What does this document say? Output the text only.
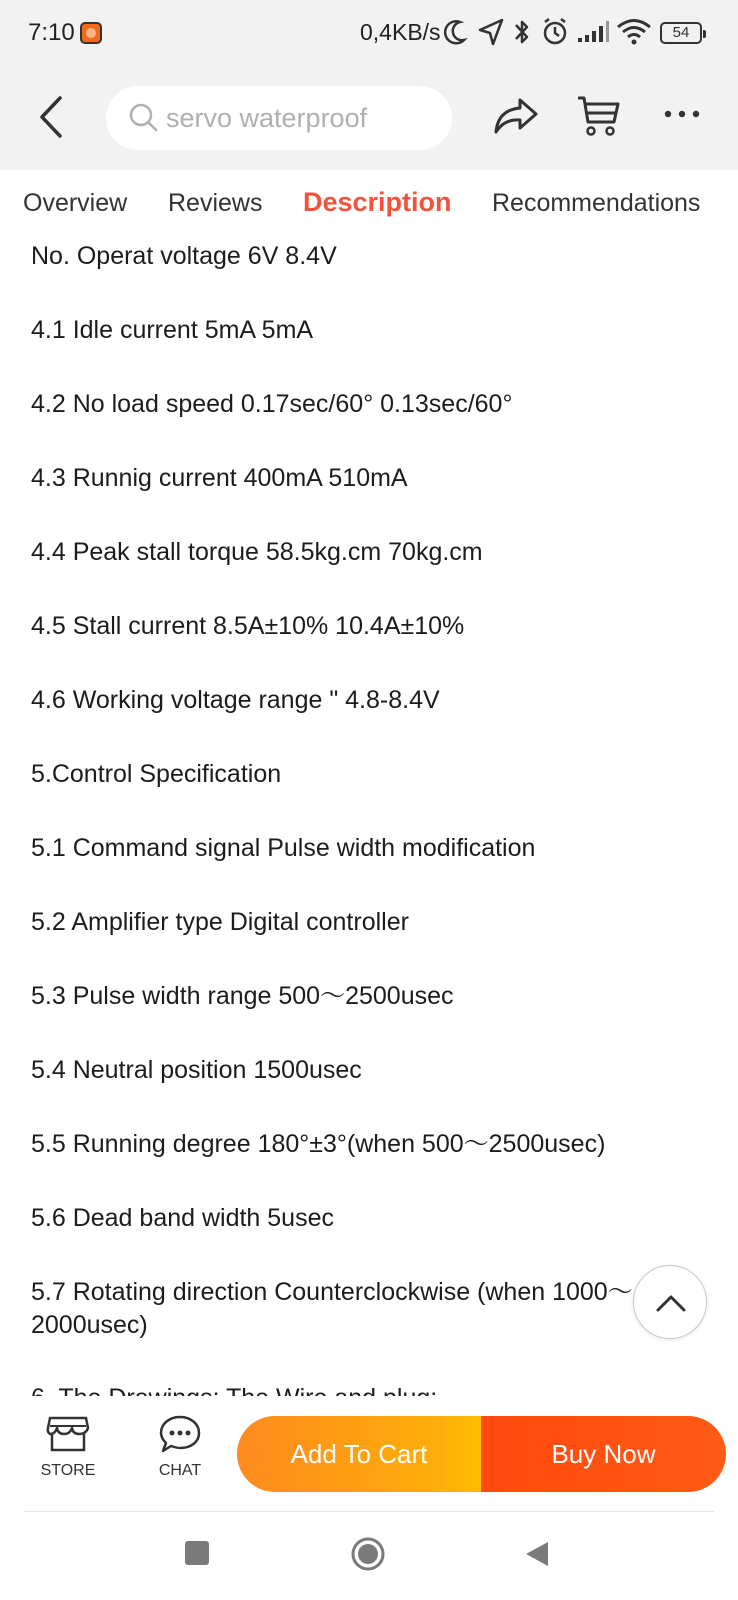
7:10	0,4KB/s	54
servo waterproof
Overview Reviews Description Recommendations
No. Operat voltage 6V 8.4V
4.1 Idle current 5mA 5mA
4.2 No load speed 0.17sec/60° 0.13sec/60°
4.3 Runnig current 400mA 510mA
4.4 Peak stall torque 58.5kg.cm 70kg.cm
4.5 Stall current 8.5A±10% 10.4A±10%
4.6 Working voltage range " 4.8-8.4V
5.Control Specification
5.1 Command signal Pulse width modification
5.2 Amplifier type Digital controller
5.3 Pulse width range 500～2500usec
5.4 Neutral position 1500usec
5.5 Running degree 180°±3°(when 500～2500usec)
5.6 Dead band width 5usec
5.7 Rotating direction Counterclockwise (when 1000～2000usec)
STORE	CHAT
Add To Cart	Buy Now
